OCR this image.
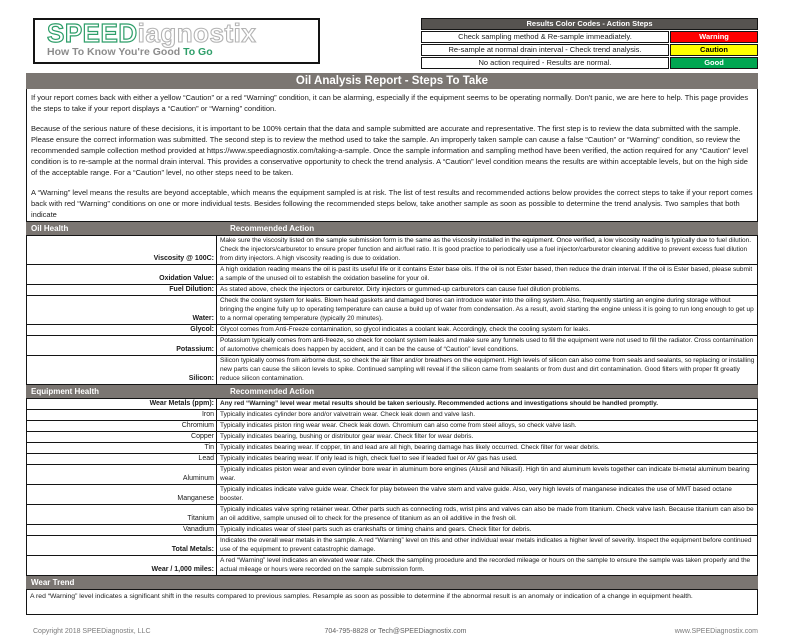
SPEEDiagnostix
How To Know You're Good To Go
Results Color Codes - Action Steps
Check sampling method & Re-sample immeadiately.	Warning
Re-sample at normal drain interval - Check trend analysis.	Caution
No action required - Results are normal.	Good
Oil Analysis Report - Steps To Take

If your report comes back with either a yellow “Caution” or a red “Warning” condition, it can be alarming, especially if the equipment seems to be operating normally. Don't panic, we are here to help. This page provides the steps to take if your report displays a “Caution” or “Warning” condition.

Because of the serious nature of these decisions, it is important to be 100% certain that the data and sample submitted are accurate and representative. The first step is to review the data submitted with the sample. Please ensure the correct information was submitted. The second step is to review the method used to take the sample. An improperly taken sample can cause a false “Caution” or “Warning” condition, so review the recommended sample collection method provided at https://www.speediagnostix.com/taking-a-sample. Once the sample information and sampling method have been verified, the action required for any “Caution” level condition is to re-sample at the normal drain interval. This provides a conservative opportunity to check the trend analysis. A “Caution” level condition means the results are within acceptable levels, but on the high side of the acceptable range. For a “Caution” level, no other steps need to be taken.

A “Warning” level means the results are beyond acceptable, which means the equipment sampled is at risk. The list of test results and recommended actions below provides the correct steps to take if your report comes back with red “Warning” conditions on one or more individual tests. Besides following the recommended steps below, take another sample as soon as possible to determine the trend analysis. Two samples that both indicate

Oil Health	Recommended Action
Viscosity @ 100C:	Make sure the viscosity listed on the sample submission form is the same as the viscosity installed in the equipment. Once verified, a low viscosity reading is typically due to fuel dilution. Check the injectors/carburetor to ensure proper function and air/fuel ratio. It is good practice to periodically use a fuel injector/carburetor cleaning additive to prevent excess fuel dilution from dirty injectors. A high viscosity reading is due to oxidation.
Oxidation Value:	A high oxidation reading means the oil is past its useful life or it contains Ester base oils. If the oil is not Ester based, then reduce the drain interval. If the oil is Ester based, please submit a sample of the unused oil to establish the oxidation baseline for your oil.
Fuel Dilution:	As stated above, check the injectors or carburetor. Dirty injectors or gummed-up carburetors can cause fuel dilution problems.
Water:	Check the coolant system for leaks. Blown head gaskets and damaged bores can introduce water into the oiling system. Also, frequently starting an engine during storage without bringing the engine fully up to operating temperature can cause a build up of water from condensation. As a result, avoid starting the engine unless it is going to run long enough to get up to a normal operating temperature (typically 20 minutes).
Glycol:	Glycol comes from Anti-Freeze contamination, so glycol indicates a coolant leak. Accordingly, check the cooling system for leaks.
Potassium:	Potassium typically comes from anti-freeze, so check for coolant system leaks and make sure any funnels used to fill the equipment were not used to fill the radiator. Cross contamination of automotive chemicals does happen by accident, and it can be the cause of “Caution” level conditions.
Silicon:	Silicon typically comes from airborne dust, so check the air filter and/or breathers on the equipment. High levels of silicon can also come from seals and sealants, so replacing or installing new parts can cause the silicon levels to spike. Continued sampling will reveal if the silicon came from sealants or from dust and dirt contamination. Good filters with proper fit greatly reduce silicon contamination.
Equipment Health	Recommended Action
Wear Metals (ppm):	Any red “Warning” level wear metal results should be taken seriously. Recommended actions and investigations should be handled promptly.
Iron	Typically indicates cylinder bore and/or valvetrain wear. Check leak down and valve lash.
Chromium	Typically indicates piston ring wear wear. Check leak down. Chromium can also come from steel alloys, so check valve lash.
Copper	Typically indicates bearing, bushing or distributor gear wear. Check filter for wear debris.
Tin	Typically indicates bearing wear. If copper, tin and lead are all high, bearing damage has likely occurred. Check filter for wear debris.
Lead	Typically indicates bearing wear. If only lead is high, check fuel to see if leaded fuel or AV gas has used.
Aluminum	Typically indicates piston wear and even cylinder bore wear in aluminum bore engines (Alusil and Nikasil). High tin and aluminum levels together can indicate bi-metal aluminum bearing wear.
Manganese	Typically indicates indicate valve guide wear. Check for play between the valve stem and valve guide. Also, very high levels of manganese indicates the use of MMT based octane booster.
Titanium	Typically indicates valve spring retainer wear. Other parts such as connecting rods, wrist pins and valves can also be made from titanium. Check valve lash. Because titanium can also be an oil additive, sample unused oil to check for the presence of titanium as an oil additive in the fresh oil.
Vanadium	Typically indicates wear of steel parts such as crankshafts or timing chains and gears. Check filter for debris.
Total Metals:	Indicates the overall wear metals in the sample. A red “Warning” level on this and other individual wear metals indicates a higher level of severity. Inspect the equipment before continued use of the equipment to prevent catastrophic damage.
Wear / 1,000 miles:	A red “Warning” level indicates an elevated wear rate. Check the sampling procedure and the recorded mileage or hours on the sample to ensure the sample was taken properly and the actual mileage or hours were recorded on the sample submission form.
Wear Trend
A red “Warning” level indicates a significant shift in the results compared to previous samples. Resample as soon as possible to determine if the abnormal result is an anomaly or indication of a change in equipment health.
Copyright 2018 SPEEDiagnostix, LLC	704-795-8828 or Tech@SPEEDiagnostix.com	www.SPEEDiagnostix.com
